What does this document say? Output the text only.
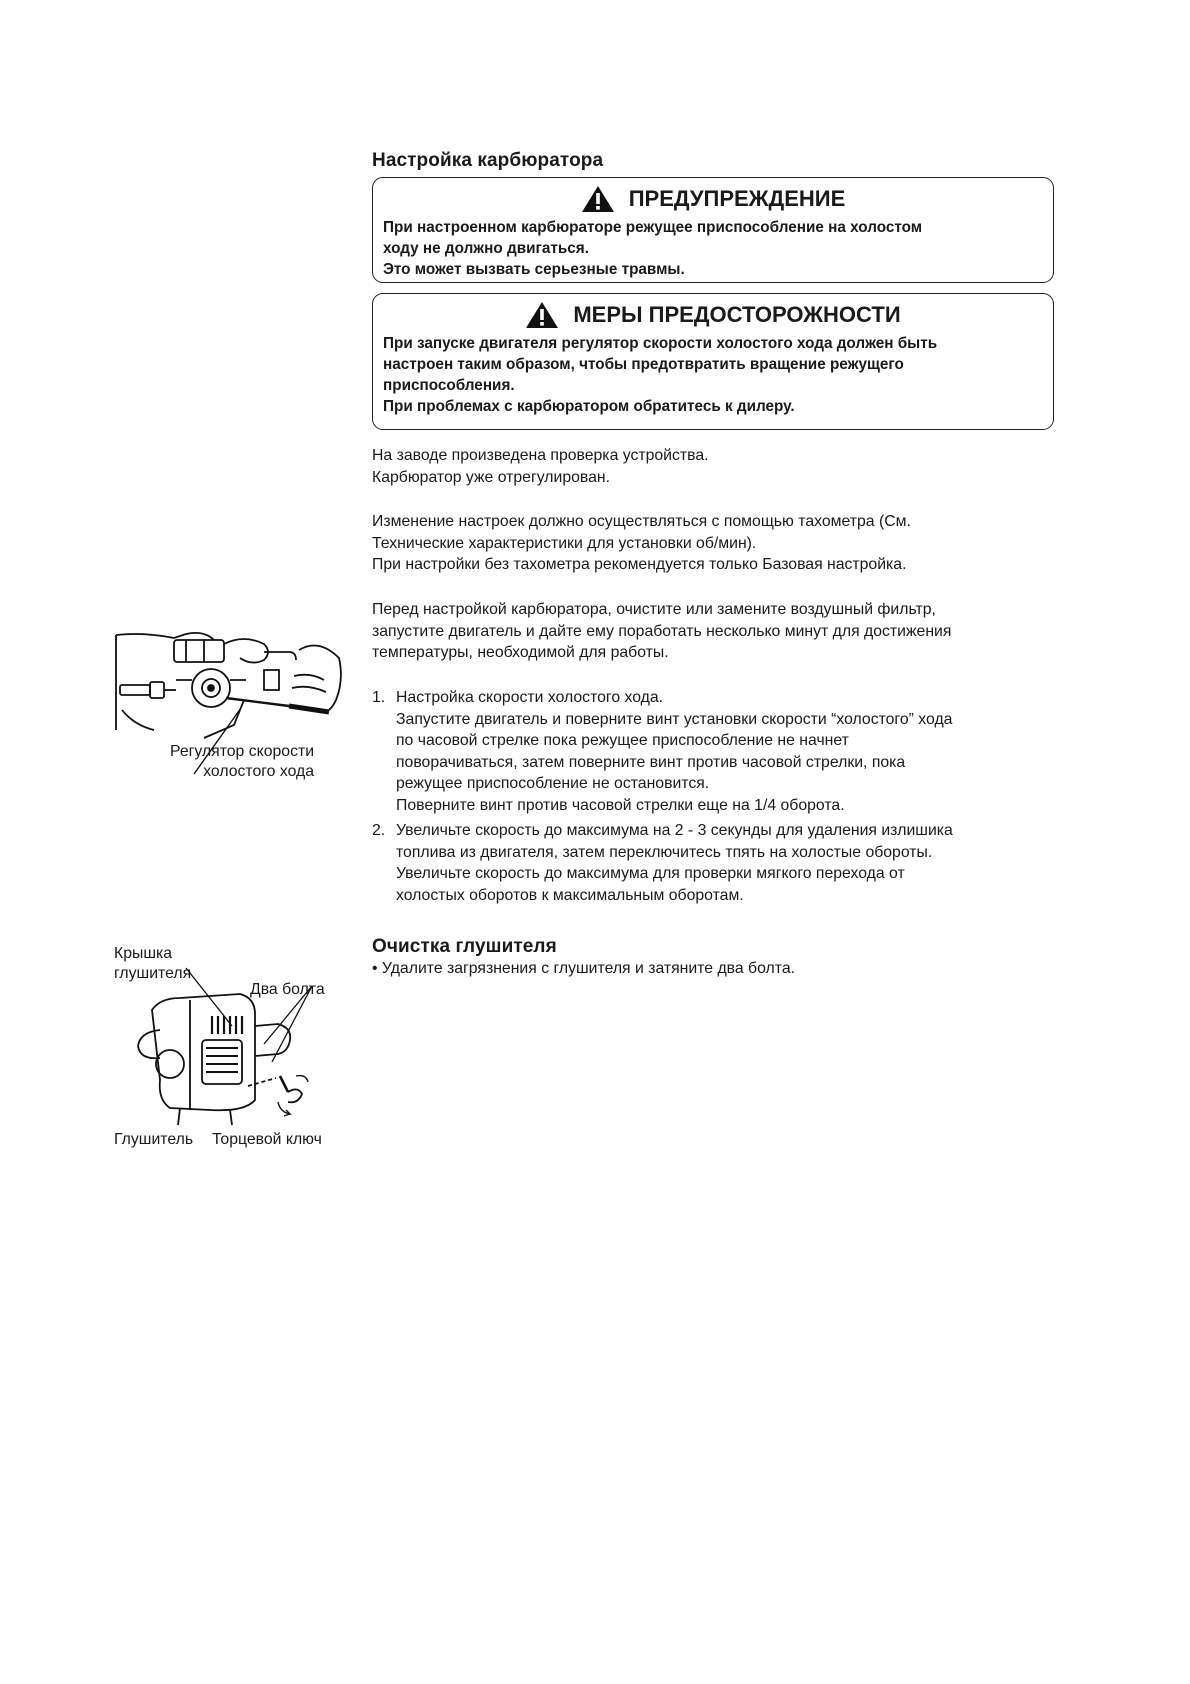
Настройка карбюратора
ПРЕДУПРЕЖДЕНИЕ
При настроенном карбюраторе режущее приспособление на холостом
ходу не должно двигаться.
Это может вызвать серьезные травмы.
МЕРЫ ПРЕДОСТОРОЖНОСТИ
При запуске двигателя регулятор скорости холостого хода должен быть
настроен таким образом, чтобы предотвратить вращение режущего
приспособления.
При проблемах с карбюратором обратитесь к дилеру.
На заводе произведена проверка устройства.
Карбюратор уже отрегулирован.
Изменение настроек должно осуществляться с помощью тахометра (См.
Технические характеристики для установки об/мин).
При настройки без тахометра рекомендуется только Базовая настройка.
Перед настройкой карбюратора, очистите или замените воздушный фильтр,
запустите двигатель и дайте ему поработать несколько минут для достижения
температуры, необходимой для работы.
1. Настройка скорости холостого хода.
Запустите двигатель и поверните винт установки скорости “холостого” хода
по часовой стрелке пока режущее приспособление не начнет
поворачиваться, затем поверните винт против часовой стрелки, пока
режущее приспособление не остановится.
Поверните винт против часовой стрелки еще на 1/4 оборота.
2. Увеличьте скорость до максимума на 2 - 3 секунды для удаления излишика
топлива из двигателя, затем переключитесь тпять на холостые обороты.
Увеличьте скорость до максимума для проверки мягкого перехода от
холостых оборотов к максимальным оборотам.
Регулятор скорости
холостого хода
Очистка глушителя
• Удалите загрязнения с глушителя и затяните два болта.
Крышка
глушителя
Два болта
Глушитель Торцевой ключ
